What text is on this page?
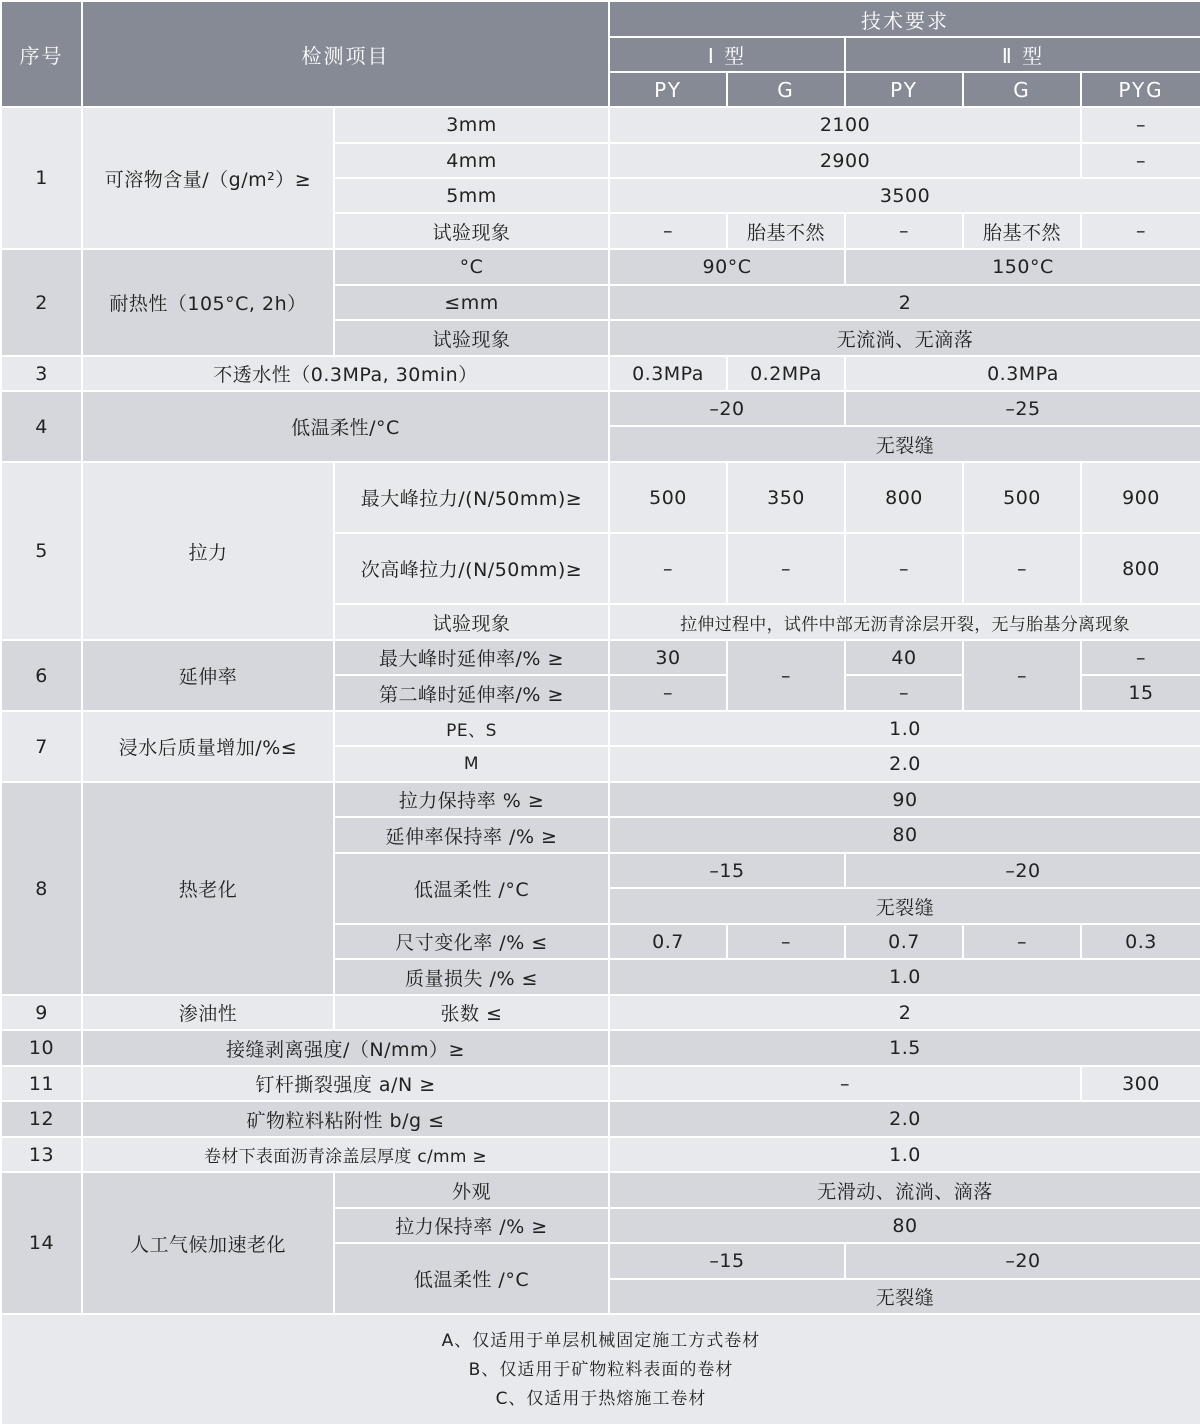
序号	检测项目		技术要求				
			Ⅰ 型		Ⅱ 型		
			PY	G	PY	G	PYG
1	可溶物含量/（g/m²）≥	3mm	2100				–
		4mm	2900				–
		5mm	3500				
		试验现象	–	胎基不然	–	胎基不然	–
2	耐热性（105°C, 2h）	°C	90°C		150°C		
		≤mm	2				
		试验现象	无流淌、无滴落				
3	不透水性（0.3MPa, 30min）		0.3MPa	0.2MPa	0.3MPa		
4	低温柔性/°C		–20		–25		
			无裂缝				
5	拉力	最大峰拉力/(N/50mm)≥	500	350	800	500	900
		次高峰拉力/(N/50mm)≥	–	–	–	–	800
		试验现象	拉伸过程中，试件中部无沥青涂层开裂，无与胎基分离现象				
6	延伸率	最大峰时延伸率/% ≥	30	–	40	–	–
		第二峰时延伸率/% ≥	–		–		15
7	浸水后质量增加/%≤	PE、S	1.0				
		M	2.0				
8	热老化	拉力保持率 % ≥	90				
		延伸率保持率 /% ≥	80				
		低温柔性 /°C	–15		–20		
			无裂缝				
		尺寸变化率 /% ≤	0.7	–	0.7	–	0.3
		质量损失 /% ≤	1.0				
9	渗油性	张数 ≤	2				
10	接缝剥离强度/（N/mm）≥		1.5				
11	钉杆撕裂强度 a/N ≥		–				300
12	矿物粒料粘附性 b/g ≤		2.0				
13	卷材下表面沥青涂盖层厚度 c/mm ≥		1.0				
14	人工气候加速老化	外观	无滑动、流淌、滴落				
		拉力保持率 /% ≥	80				
		低温柔性 /°C	–15		–20		
			无裂缝				

A、仅适用于单层机械固定施工方式卷材
B、仅适用于矿物粒料表面的卷材
C、仅适用于热熔施工卷材							
